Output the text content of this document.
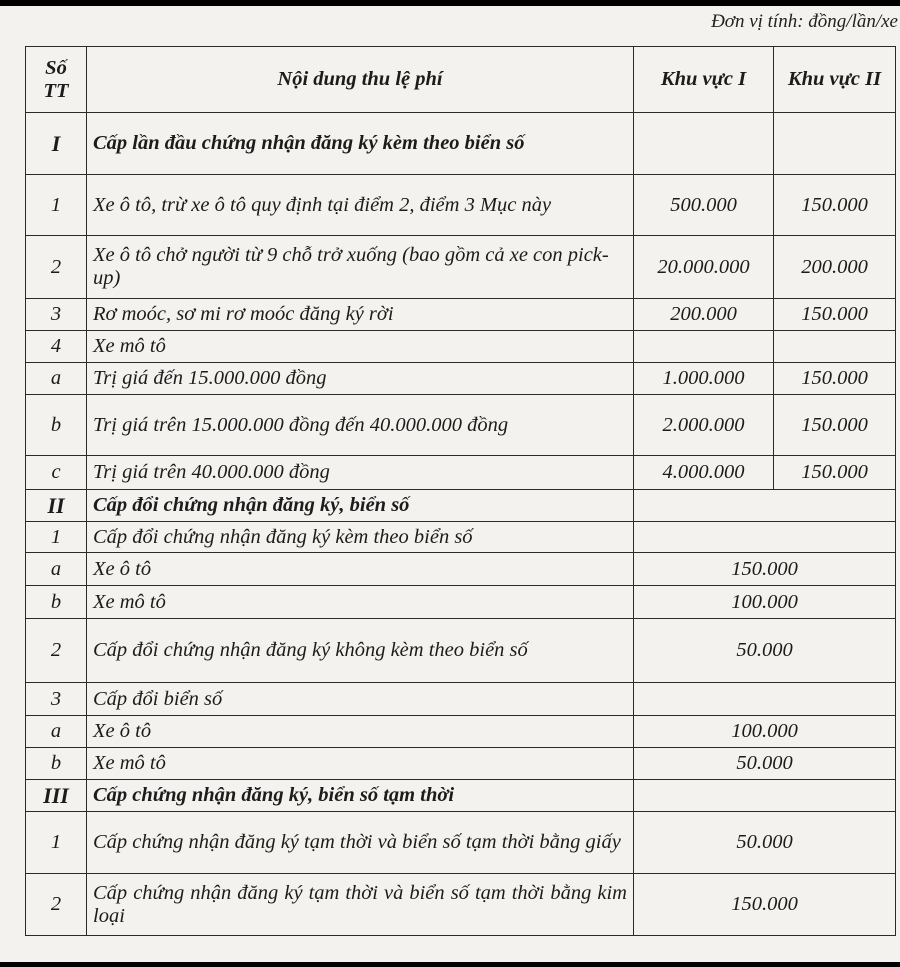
Đơn vị tính: đồng/lần/xe
Số TT	Nội dung thu lệ phí	Khu vực I	Khu vực II
I	Cấp lần đầu chứng nhận đăng ký kèm theo biển số		
1	Xe ô tô, trừ xe ô tô quy định tại điểm 2, điểm 3 Mục này	500.000	150.000
2	Xe ô tô chở người từ 9 chỗ trở xuống (bao gồm cả xe con pick-up)	20.000.000	200.000
3	Rơ moóc, sơ mi rơ moóc đăng ký rời	200.000	150.000
4	Xe mô tô		
a	Trị giá đến 15.000.000 đồng	1.000.000	150.000
b	Trị giá trên 15.000.000 đồng đến 40.000.000 đồng	2.000.000	150.000
c	Trị giá trên 40.000.000 đồng	4.000.000	150.000
II	Cấp đổi chứng nhận đăng ký, biển số		
1	Cấp đổi chứng nhận đăng ký kèm theo biển số		
a	Xe ô tô	150.000	
b	Xe mô tô	100.000	
2	Cấp đổi chứng nhận đăng ký không kèm theo biển số	50.000	
3	Cấp đổi biển số		
a	Xe ô tô	100.000	
b	Xe mô tô	50.000	
III	Cấp chứng nhận đăng ký, biển số tạm thời		
1	Cấp chứng nhận đăng ký tạm thời và biển số tạm thời bằng giấy	50.000	
2	Cấp chứng nhận đăng ký tạm thời và biển số tạm thời bằng kim loại	150.000	
